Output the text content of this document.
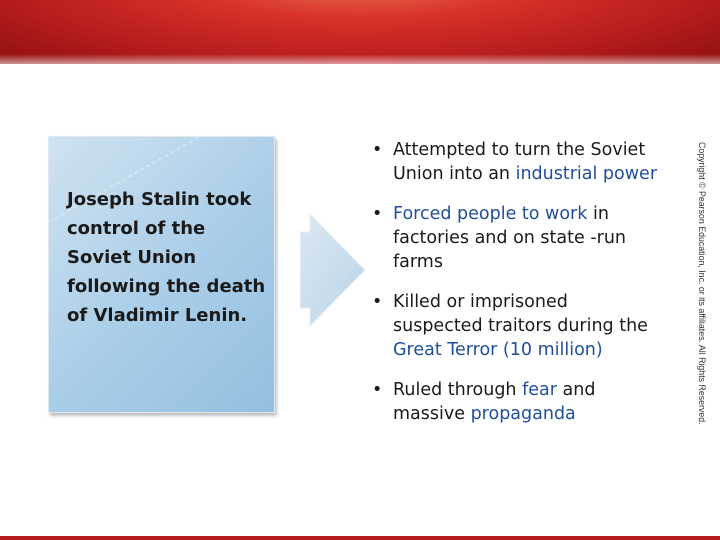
Joseph Stalin took control of the Soviet Union following the death of Vladimir Lenin.

• Attempted to turn the Soviet Union into an industrial power
• Forced people to work in factories and on state -run farms
• Killed or imprisoned suspected traitors during the Great Terror (10 million)
• Ruled through fear and massive propaganda	Copyright © Pearson Education, Inc. or its affiliates. All Rights Reserved.
